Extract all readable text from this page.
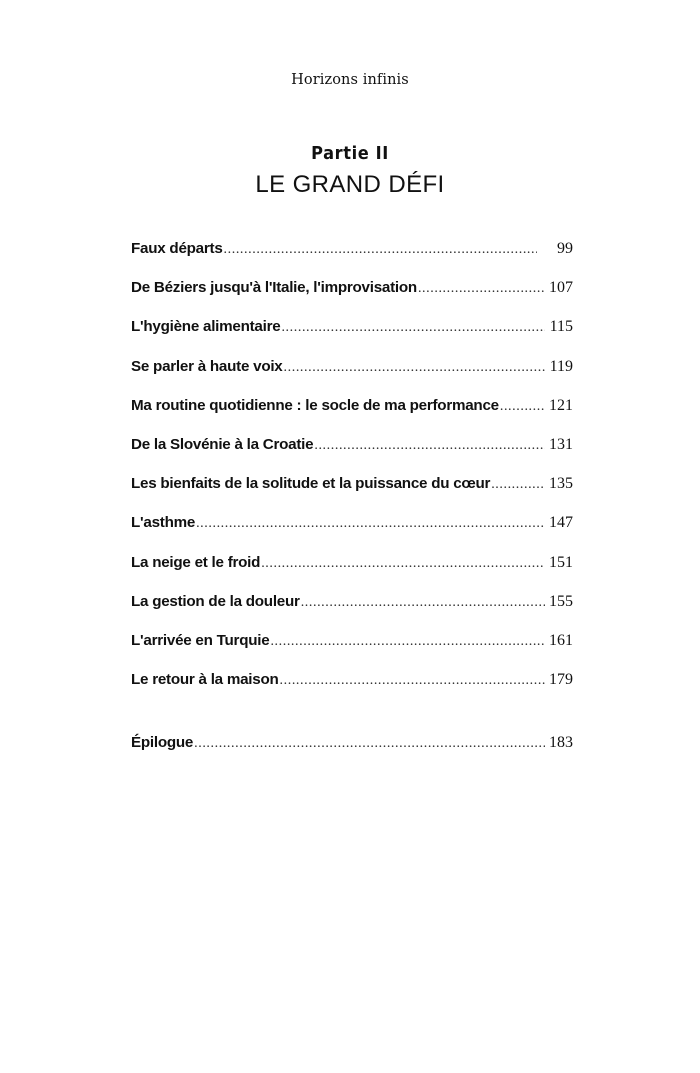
Horizons infinis
Partie II
LE GRAND DÉFI
Faux départs .....	99
De Béziers jusqu'à l'Italie, l'improvisation .....	107
L'hygiène alimentaire .....	115
Se parler à haute voix .....	119
Ma routine quotidienne : le socle de ma performance .....	121
De la Slovénie à la Croatie .....	131
Les bienfaits de la solitude et la puissance du cœur .....	135
L'asthme .....	147
La neige et le froid .....	151
La gestion de la douleur .....	155
L'arrivée en Turquie .....	161
Le retour à la maison .....	179
Épilogue .....	183
